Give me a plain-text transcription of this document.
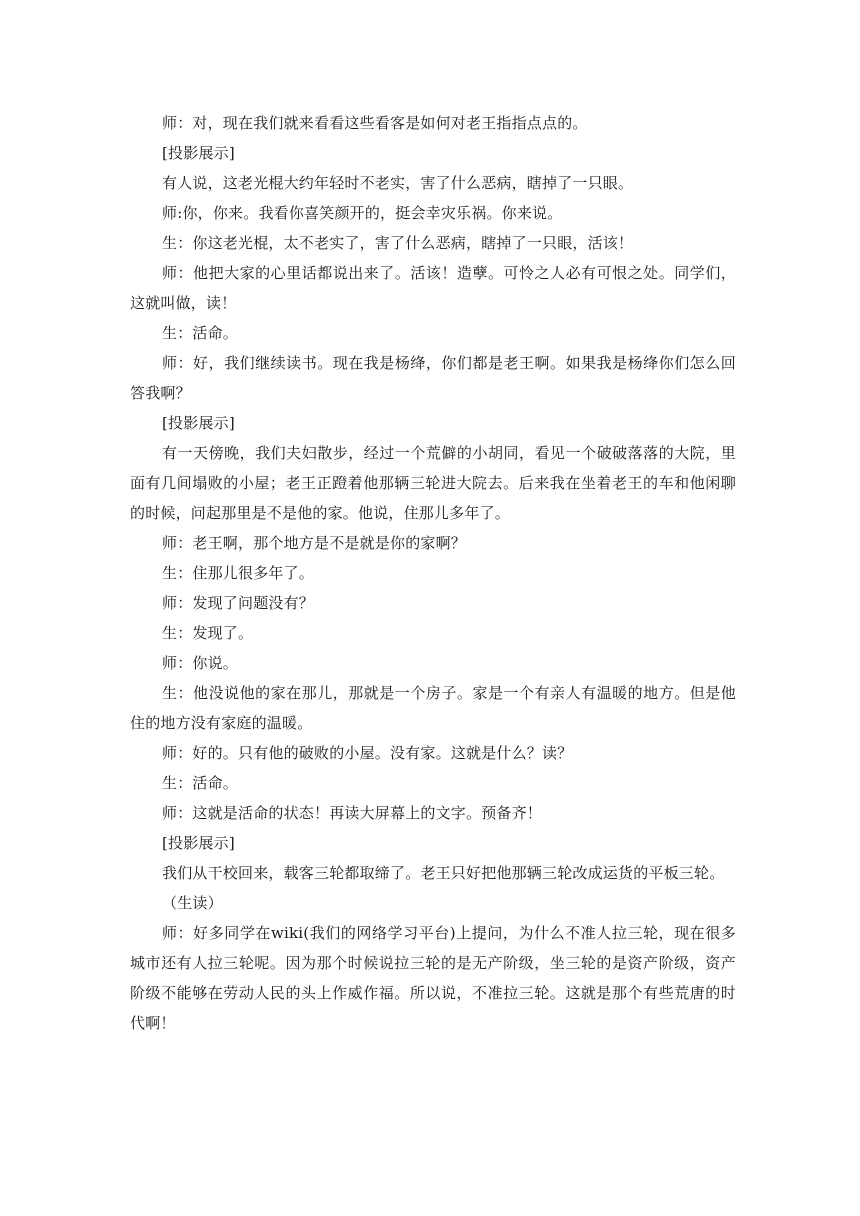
师：对，现在我们就来看看这些看客是如何对老王指指点点的。

[投影展示]

有人说，这老光棍大约年轻时不老实，害了什么恶病，瞎掉了一只眼。

师:你，你来。我看你喜笑颜开的，挺会幸灾乐祸。你来说。

生：你这老光棍，太不老实了，害了什么恶病，瞎掉了一只眼，活该！

师：他把大家的心里话都说出来了。活该！造孽。可怜之人必有可恨之处。同学们，这就叫做，读！

生：活命。

师：好，我们继续读书。现在我是杨绛，你们都是老王啊。如果我是杨绛你们怎么回答我啊？

[投影展示]

有一天傍晚，我们夫妇散步，经过一个荒僻的小胡同，看见一个破破落落的大院，里面有几间塌败的小屋；老王正蹬着他那辆三轮进大院去。后来我在坐着老王的车和他闲聊的时候，问起那里是不是他的家。他说，住那儿多年了。

师：老王啊，那个地方是不是就是你的家啊？

生：住那儿很多年了。

师：发现了问题没有？

生：发现了。

师：你说。

生：他没说他的家在那儿，那就是一个房子。家是一个有亲人有温暖的地方。但是他住的地方没有家庭的温暖。

师：好的。只有他的破败的小屋。没有家。这就是什么？读？

生：活命。

师：这就是活命的状态！再读大屏幕上的文字。预备齐！

[投影展示]

我们从干校回来，载客三轮都取缔了。老王只好把他那辆三轮改成运货的平板三轮。

（生读）

师：好多同学在wiki(我们的网络学习平台)上提问，为什么不准人拉三轮，现在很多城市还有人拉三轮呢。因为那个时候说拉三轮的是无产阶级，坐三轮的是资产阶级，资产阶级不能够在劳动人民的头上作威作福。所以说，不准拉三轮。这就是那个有些荒唐的时代啊！
